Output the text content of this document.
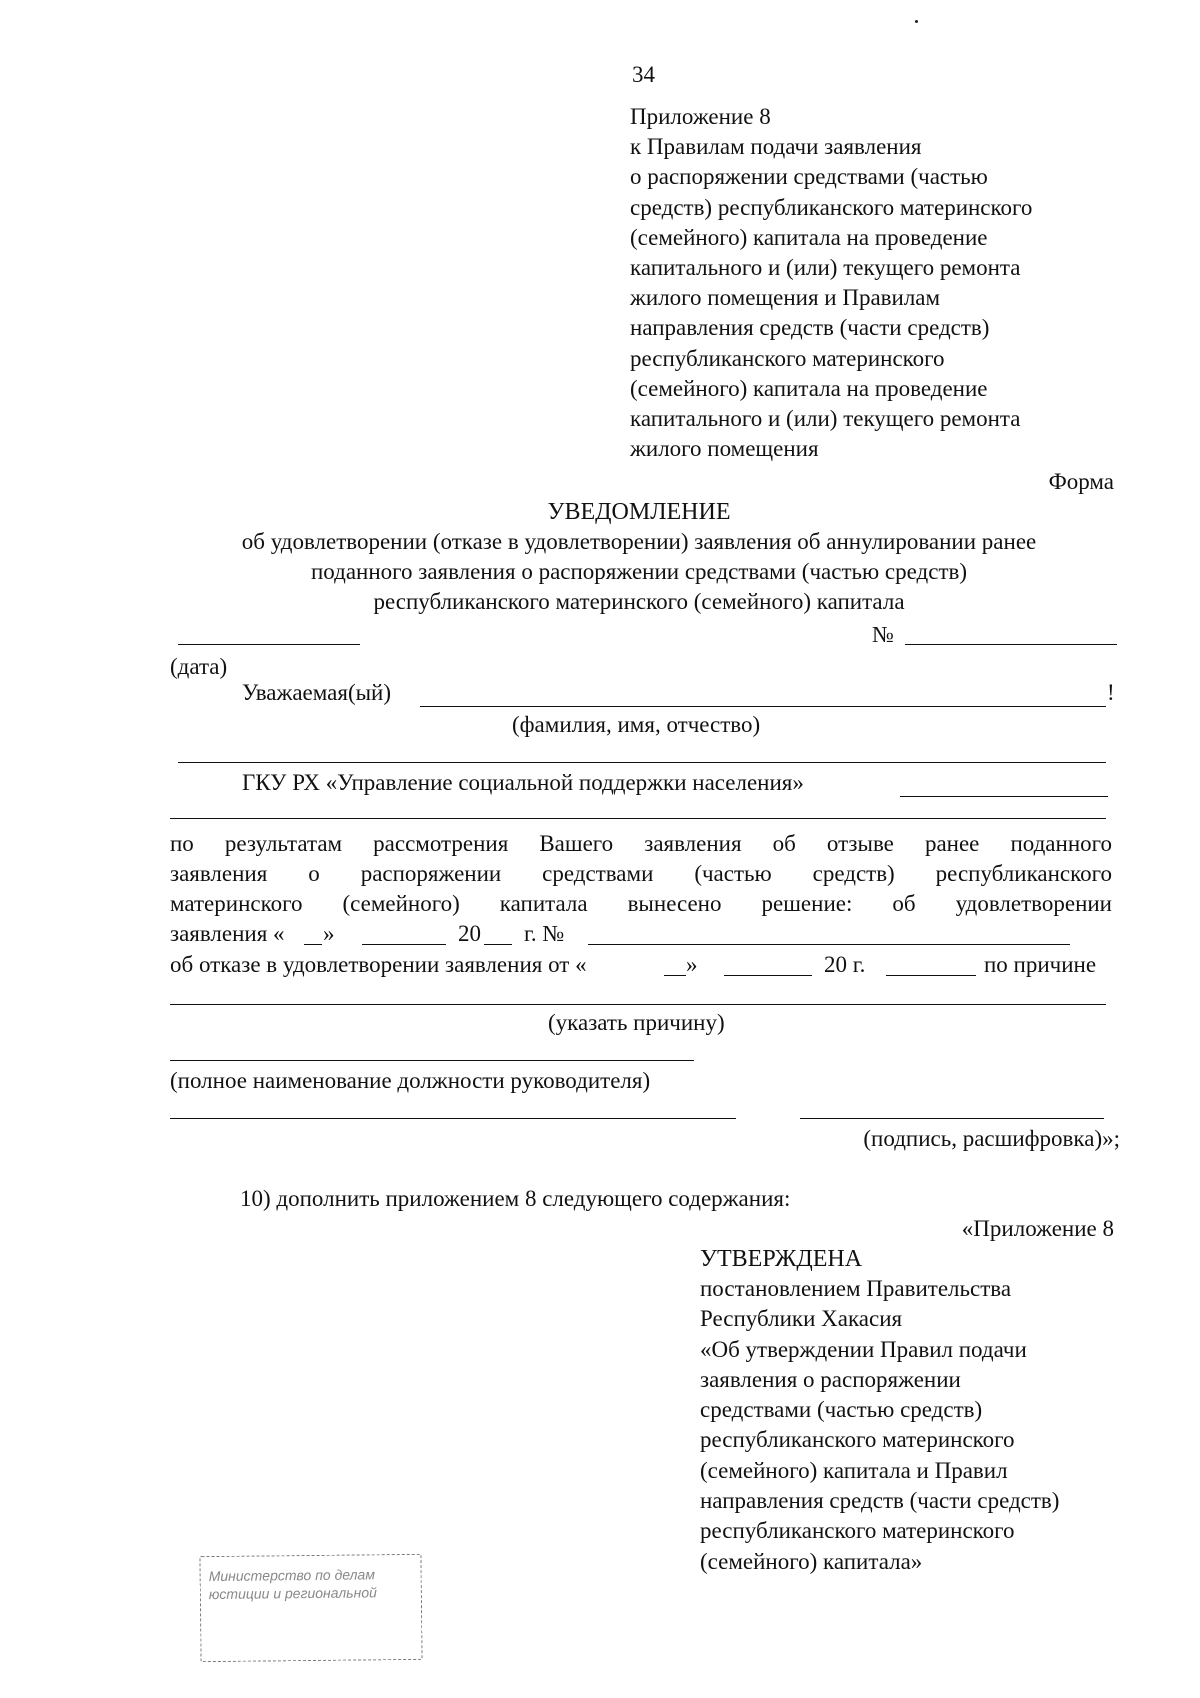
34
Приложение 8
к Правилам подачи заявления
о распоряжении средствами (частью
средств) республиканского материнского
(семейного) капитала на проведение
капитального и (или) текущего ремонта
жилого помещения и Правилам
направления средств (части средств)
республиканского материнского
(семейного) капитала на проведение
капитального и (или) текущего ремонта
жилого помещения
Форма
УВЕДОМЛЕНИЕ
об удовлетворении (отказе в удовлетворении) заявления об аннулировании ранее
поданного заявления о распоряжении средствами (частью средств)
республиканского материнского (семейного) капитала
№
(дата)
Уважаемая(ый)	!
(фамилия, имя, отчество)
ГКУ РХ «Управление социальной поддержки населения»
по результатам рассмотрения Вашего заявления об отзыве ранее поданного
заявления о распоряжении средствами (частью средств) республиканского
материнского (семейного) капитала вынесено решение: об удовлетворении
заявления « »	20 г. №
об отказе в удовлетворении заявления от «	»	20 г.	по причине
(указать причину)
(полное наименование должности руководителя)
(подпись, расшифровка)»;
10) дополнить приложением 8 следующего содержания:
«Приложение 8
УТВЕРЖДЕНА
постановлением Правительства
Республики Хакасия
«Об утверждении Правил подачи
заявления о распоряжении
средствами (частью средств)
республиканского материнского
(семейного) капитала и Правил
направления средств (части средств)
республиканского материнского
(семейного) капитала»
Министерство по делам
юстиции и региональной
